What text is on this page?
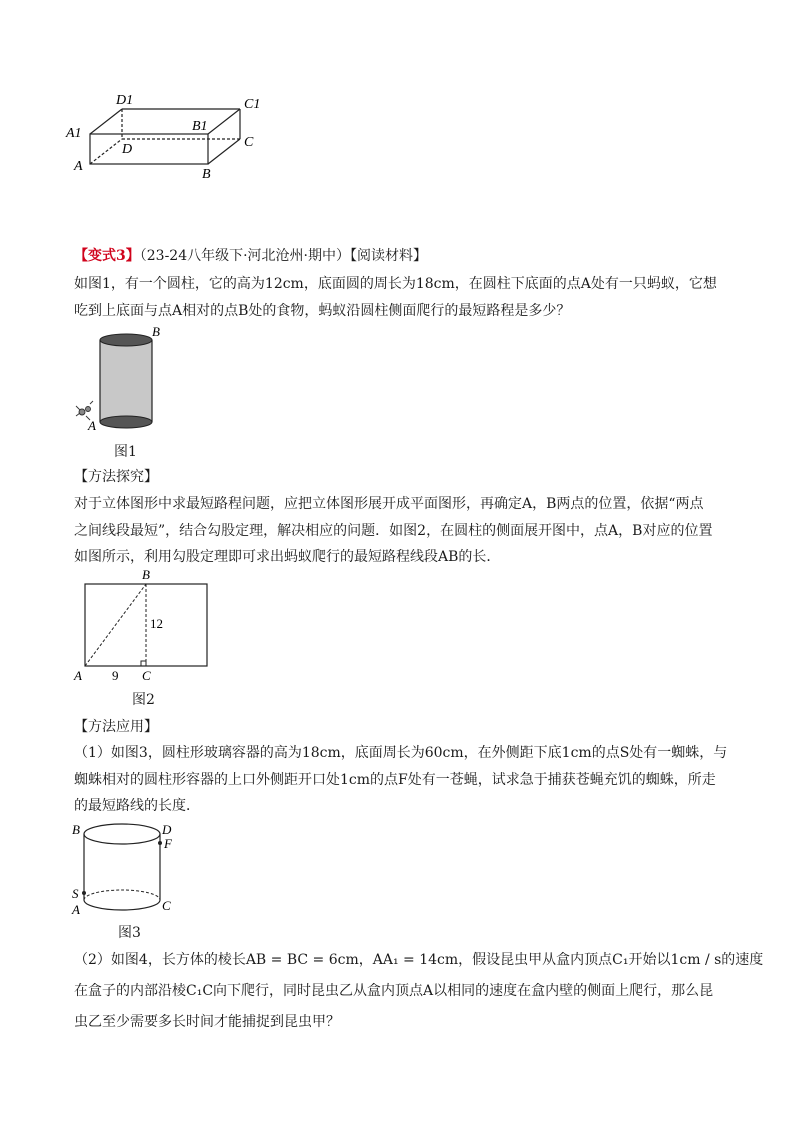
D1	C1
A1	B1
D	C
A
B
【变式3】（23-24八年级下·河北沧州·期中）【阅读材料】
如图1，有一个圆柱，它的高为12cm，底面圆的周长为18cm，在圆柱下底面的点A处有一只蚂蚁，它想
吃到上底面与点A相对的点B处的食物，蚂蚁沿圆柱侧面爬行的最短路程是多少？
B
A
图1
【方法探究】
对于立体图形中求最短路程问题，应把立体图形展开成平面图形，再确定A，B两点的位置，依据“两点
之间线段最短”，结合勾股定理，解决相应的问题．如图2，在圆柱的侧面展开图中，点A，B对应的位置
如图所示，利用勾股定理即可求出蚂蚁爬行的最短路程线段AB的长．
B
A	C
12
9
图2
【方法应用】
（1）如图3，圆柱形玻璃容器的高为18cm，底面周长为60cm，在外侧距下底1cm的点S处有一蜘蛛，与
蜘蛛相对的圆柱形容器的上口外侧距开口处1cm的点F处有一苍蝇，试求急于捕获苍蝇充饥的蜘蛛，所走
的最短路线的长度．
B	D
F
S
A	C
图3
（2）如图4，长方体的棱长AB = BC = 6cm，AA₁ = 14cm，假设昆虫甲从盒内顶点C₁开始以1cm / s的速度
在盒子的内部沿棱C₁C向下爬行，同时昆虫乙从盒内顶点A以相同的速度在盒内壁的侧面上爬行，那么昆
虫乙至少需要多长时间才能捕捉到昆虫甲？
